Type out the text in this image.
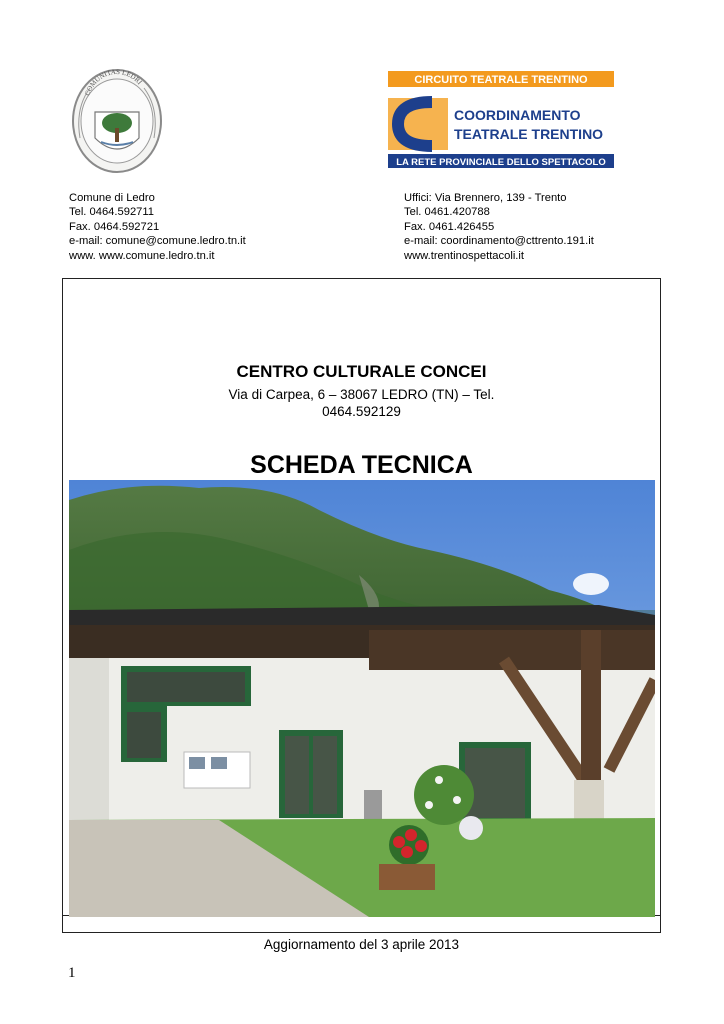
COMUNITAS LEDRI	CIRCUITO TEATRALE TRENTINO
COORDINAMENTO
TEATRALE TRENTINO
LA RETE PROVINCIALE DELLO SPETTACOLO
Comune di Ledro
Tel. 0464.592711
Fax. 0464.592721
e-mail: comune@comune.ledro.tn.it
www. www.comune.ledro.tn.it
Uffici: Via Brennero, 139 - Trento
Tel. 0461.420788
Fax. 0461.426455
e-mail: coordinamento@cttrento.191.it
www.trentinospettacoli.it
CENTRO CULTURALE CONCEI
Via di Carpea, 6 – 38067 LEDRO (TN) – Tel.
0464.592129
SCHEDA TECNICA
Aggiornamento del 3 aprile 2013
1
